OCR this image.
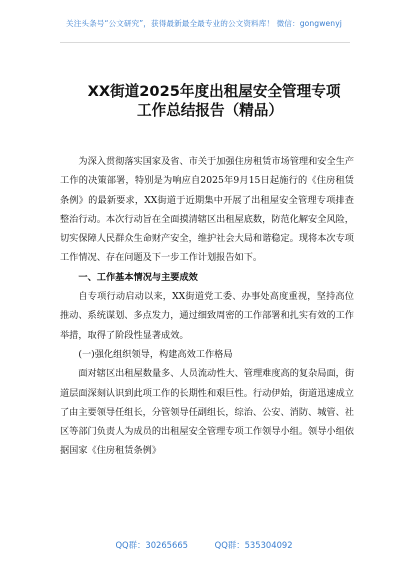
关注头条号“公文研究”，获得最新最全最专业的公文资料库！ 微信：gongwenyj
XX街道2025年度出租屋安全管理专项
工作总结报告（精品）

为深入贯彻落实国家及省、市关于加强住房租赁市场管理和安全生产工作的决策部署，特别是为响应自2025年9月15日起施行的《住房租赁条例》的最新要求，XX街道于近期集中开展了出租屋安全管理专项排查整治行动。本次行动旨在全面摸清辖区出租屋底数，防范化解安全风险，切实保障人民群众生命财产安全，维护社会大局和谐稳定。现将本次专项工作情况、存在问题及下一步工作计划报告如下。

一、工作基本情况与主要成效

自专项行动启动以来，XX街道党工委、办事处高度重视，坚持高位推动、系统谋划、多点发力，通过细致周密的工作部署和扎实有效的工作举措，取得了阶段性显著成效。

(一)强化组织领导，构建高效工作格局

面对辖区出租屋数量多、人员流动性大、管理难度高的复杂局面，街道层面深刻认识到此项工作的长期性和艰巨性。行动伊始，街道迅速成立了由主要领导任组长，分管领导任副组长，综治、公安、消防、城管、社区等部门负责人为成员的出租屋安全管理专项工作领导小组。领导小组依据国家《住房租赁条例》

QQ群：30265665	QQ群：535304092
